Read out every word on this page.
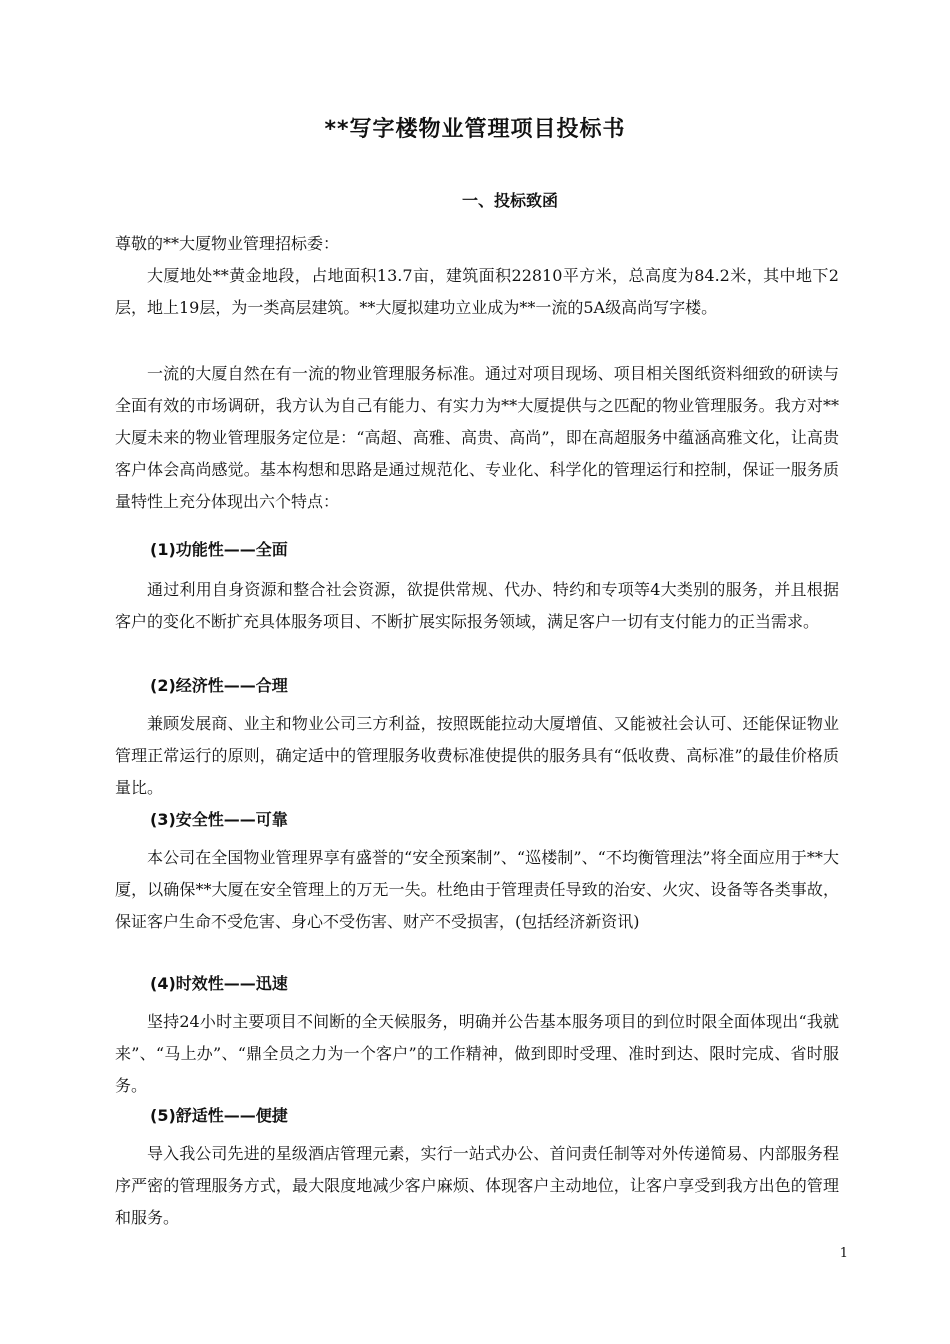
**写字楼物业管理项目投标书
一、投标致函

尊敬的**大厦物业管理招标委：

大厦地处**黄金地段，占地面积13.7亩，建筑面积22810平方米，总高度为84.2米，其中地下2层，地上19层，为一类高层建筑。**大厦拟建功立业成为**一流的5A级高尚写字楼。

一流的大厦自然在有一流的物业管理服务标准。通过对项目现场、项目相关图纸资料细致的研读与全面有效的市场调研，我方认为自己有能力、有实力为**大厦提供与之匹配的物业管理服务。我方对**大厦未来的物业管理服务定位是：“高超、高雅、高贵、高尚”，即在高超服务中蕴涵高雅文化，让高贵客户体会高尚感觉。基本构想和思路是通过规范化、专业化、科学化的管理运行和控制，保证一服务质量特性上充分体现出六个特点：

(1)功能性——全面

通过利用自身资源和整合社会资源，欲提供常规、代办、特约和专项等4大类别的服务，并且根据客户的变化不断扩充具体服务项目、不断扩展实际报务领域，满足客户一切有支付能力的正当需求。

(2)经济性——合理

兼顾发展商、业主和物业公司三方利益，按照既能拉动大厦增值、又能被社会认可、还能保证物业管理正常运行的原则，确定适中的管理服务收费标准使提供的服务具有“低收费、高标准”的最佳价格质量比。

(3)安全性——可靠

本公司在全国物业管理界享有盛誉的“安全预案制”、“巡楼制”、“不均衡管理法”将全面应用于**大厦，以确保**大厦在安全管理上的万无一失。杜绝由于管理责任导致的治安、火灾、设备等各类事故，保证客户生命不受危害、身心不受伤害、财产不受损害，(包括经济新资讯)

(4)时效性——迅速

坚持24小时主要项目不间断的全天候服务，明确并公告基本服务项目的到位时限全面体现出“我就来”、“马上办”、“鼎全员之力为一个客户”的工作精神，做到即时受理、准时到达、限时完成、省时服务。

(5)舒适性——便捷

导入我公司先进的星级酒店管理元素，实行一站式办公、首问责任制等对外传递简易、内部服务程序严密的管理服务方式，最大限度地减少客户麻烦、体现客户主动地位，让客户享受到我方出色的管理和服务。

1
